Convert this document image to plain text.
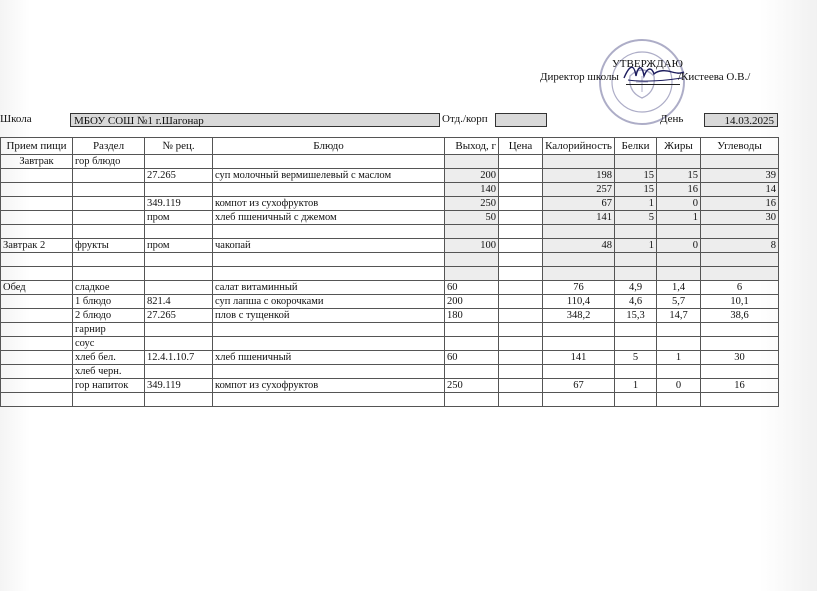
УТВЕРЖДАЮ
Директор школы	/Кистеева О.В./
Школа	МБОУ СОШ №1 г.Шагонар	Отд./корп	День	14.03.2025
Прием пищи	Раздел	№ рец.	Блюдо	Выход, г	Цена	Калорийность	Белки	Жиры	Углеводы
Завтрак	гор блюдо								
		27.265	суп молочный вермишелевый с маслом	200		198	15	15	39
				140		257	15	16	14
		349.119	компот из сухофруктов	250		67	1	0	16
		пром	хлеб пшеничный с джемом	50		141	5	1	30

Завтрак 2	фрукты	пром	чакопай	100		48	1	0	8

Обед	сладкое		салат витаминный	60		76	4,9	1,4	6
	1 блюдо	821.4	суп лапша с окорочками	200		110,4	4,6	5,7	10,1
	2 блюдо	27.265	плов с тущенкой	180		348,2	15,3	14,7	38,6
	гарнир								
	соус								
	хлеб бел.	12.4.1.10.7	хлеб пшеничный	60		141	5	1	30
	хлеб черн.								
	гор напиток	349.119	компот из сухофруктов	250		67	1	0	16
